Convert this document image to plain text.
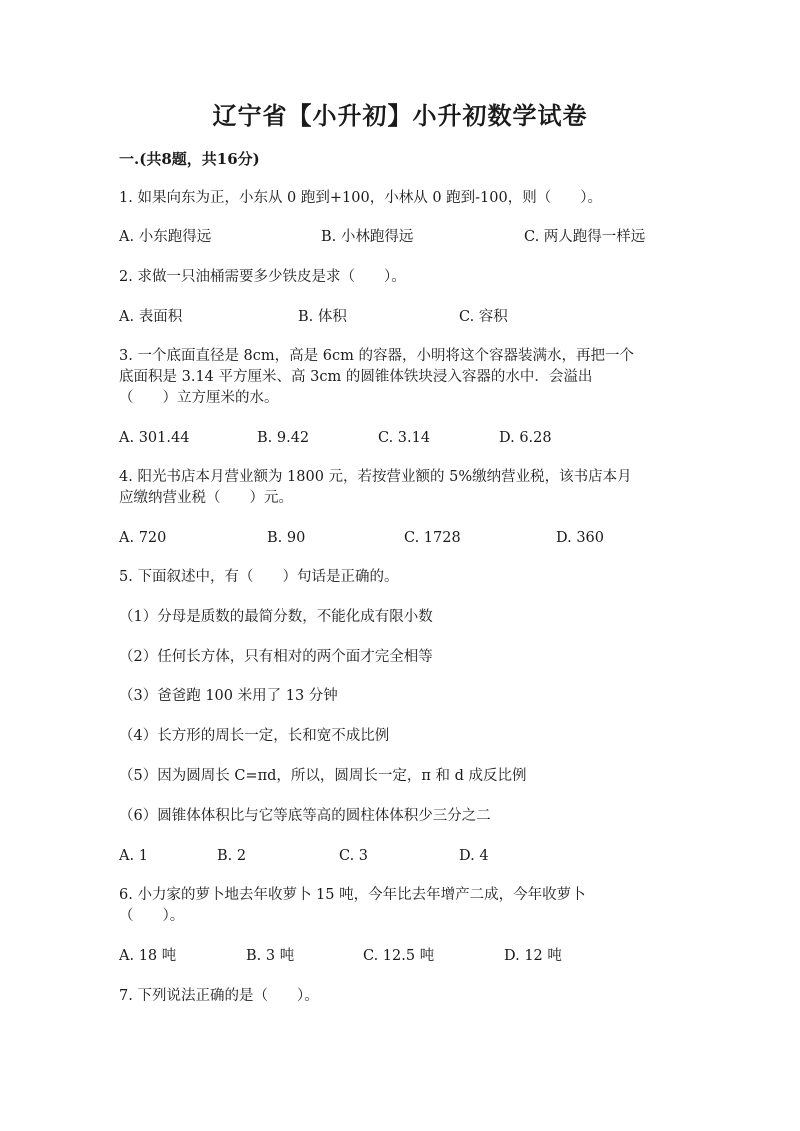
辽宁省【小升初】小升初数学试卷
一.(共8题，共16分)
1. 如果向东为正，小东从 0 跑到+100，小林从 0 跑到-100，则（　　）。
A. 小东跑得远	B. 小林跑得远	C. 两人跑得一样远
2. 求做一只油桶需要多少铁皮是求（　　）。
A. 表面积	B. 体积	C. 容积
3. 一个底面直径是 8cm，高是 6cm 的容器，小明将这个容器装满水，再把一个
底面积是 3.14 平方厘米、高 3cm 的圆锥体铁块浸入容器的水中．会溢出
（　　）立方厘米的水。
A. 301.44	B. 9.42	C. 3.14	D. 6.28
4. 阳光书店本月营业额为 1800 元，若按营业额的 5%缴纳营业税，该书店本月
应缴纳营业税（　　）元。
A. 720	B. 90	C. 1728	D. 360
5. 下面叙述中，有（　　）句话是正确的。
（1）分母是质数的最简分数，不能化成有限小数
（2）任何长方体，只有相对的两个面才完全相等
（3）爸爸跑 100 米用了 13 分钟
（4）长方形的周长一定，长和宽不成比例
（5）因为圆周长 C=πd，所以，圆周长一定，π 和 d 成反比例
（6）圆锥体体积比与它等底等高的圆柱体体积少三分之二
A. 1	B. 2	C. 3	D. 4
6. 小力家的萝卜地去年收萝卜 15 吨，今年比去年增产二成，今年收萝卜
（　　）。
A. 18 吨	B. 3 吨	C. 12.5 吨	D. 12 吨
7. 下列说法正确的是（　　）。
